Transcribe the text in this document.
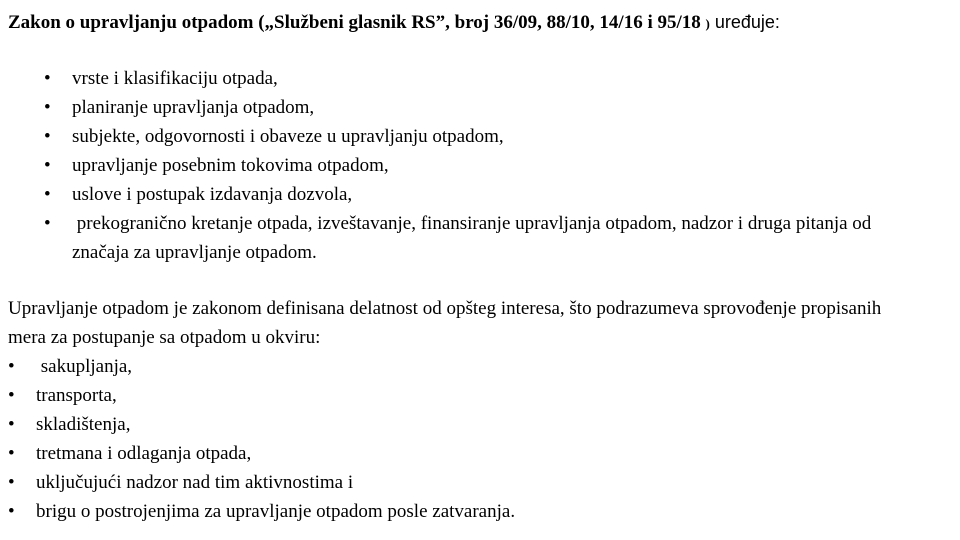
Zakon o upravljanju otpadom („Službeni glasnik RS”, broj 36/09, 88/10, 14/16 i 95/18 ) uređuje:
• vrste i klasifikaciju otpada,
• planiranje upravljanja otpadom,
• subjekte, odgovornosti i obaveze u upravljanju otpadom,
• upravljanje posebnim tokovima otpadom,
• uslove i postupak izdavanja dozvola,
• prekogranično kretanje otpada, izveštavanje, finansiranje upravljanja otpadom, nadzor i druga pitanja od značaja za upravljanje otpadom.
Upravljanje otpadom je zakonom definisana delatnost od opšteg interesa, što podrazumeva sprovođenje propisanih mera za postupanje sa otpadom u okviru:
• sakupljanja,
• transporta,
• skladištenja,
• tretmana i odlaganja otpada,
• uključujući nadzor nad tim aktivnostima i
• brigu o postrojenjima za upravljanje otpadom posle zatvaranja.
